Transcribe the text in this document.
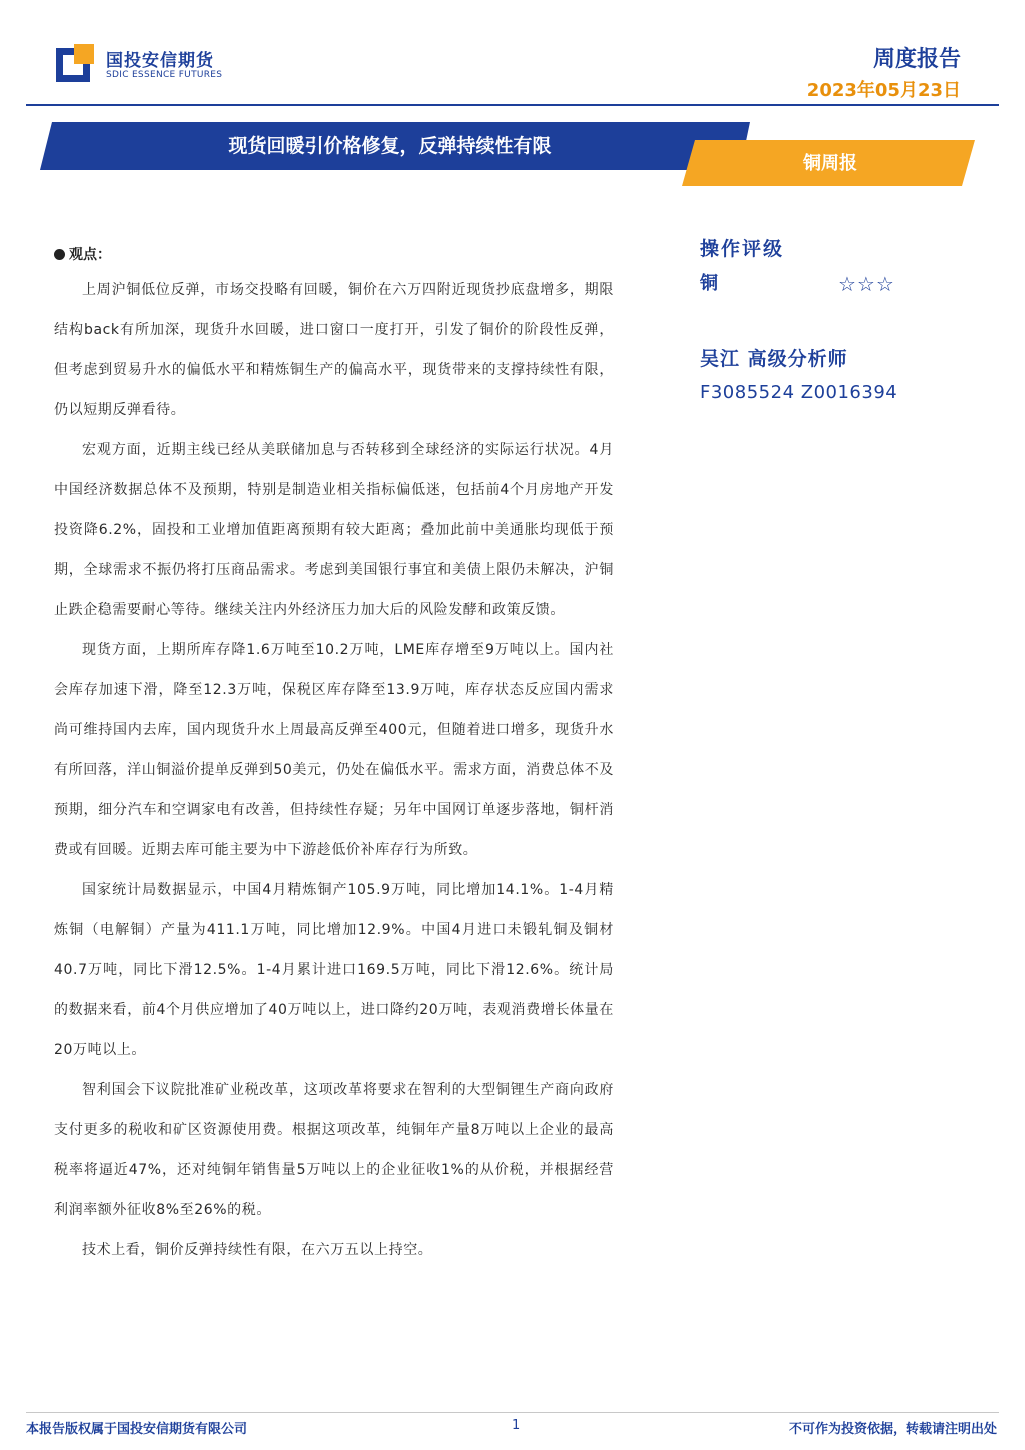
国投安信期货
SDIC ESSENCE FUTURES
周度报告
2023年05月23日
现货回暖引价格修复，反弹持续性有限
铜周报
观点：

上周沪铜低位反弹，市场交投略有回暖，铜价在六万四附近现货抄底盘增多，期限结构back有所加深，现货升水回暖，进口窗口一度打开，引发了铜价的阶段性反弹，但考虑到贸易升水的偏低水平和精炼铜生产的偏高水平，现货带来的支撑持续性有限，仍以短期反弹看待。

宏观方面，近期主线已经从美联储加息与否转移到全球经济的实际运行状况。4月中国经济数据总体不及预期，特别是制造业相关指标偏低迷，包括前4个月房地产开发投资降6.2%，固投和工业增加值距离预期有较大距离；叠加此前中美通胀均现低于预期，全球需求不振仍将打压商品需求。考虑到美国银行事宜和美债上限仍未解决，沪铜止跌企稳需要耐心等待。继续关注内外经济压力加大后的风险发酵和政策反馈。

现货方面，上期所库存降1.6万吨至10.2万吨，LME库存增至9万吨以上。国内社会库存加速下滑，降至12.3万吨，保税区库存降至13.9万吨，库存状态反应国内需求尚可维持国内去库，国内现货升水上周最高反弹至400元，但随着进口增多，现货升水有所回落，洋山铜溢价提单反弹到50美元，仍处在偏低水平。需求方面，消费总体不及预期，细分汽车和空调家电有改善，但持续性存疑；另年中国网订单逐步落地，铜杆消费或有回暖。近期去库可能主要为中下游趁低价补库存行为所致。

国家统计局数据显示，中国4月精炼铜产105.9万吨，同比增加14.1%。1-4月精炼铜（电解铜）产量为411.1万吨，同比增加12.9%。中国4月进口未锻轧铜及铜材40.7万吨，同比下滑12.5%。1-4月累计进口169.5万吨，同比下滑12.6%。统计局的数据来看，前4个月供应增加了40万吨以上，进口降约20万吨，表观消费增长体量在20万吨以上。

智利国会下议院批准矿业税改革，这项改革将要求在智利的大型铜锂生产商向政府支付更多的税收和矿区资源使用费。根据这项改革，纯铜年产量8万吨以上企业的最高税率将逼近47%，还对纯铜年销售量5万吨以上的企业征收1%的从价税，并根据经营利润率额外征收8%至26%的税。

技术上看，铜价反弹持续性有限，在六万五以上持空。

操作评级
铜	☆☆☆
吴江 高级分析师
F3085524 Z0016394
本报告版权属于国投安信期货有限公司	1	不可作为投资依据，转载请注明出处
